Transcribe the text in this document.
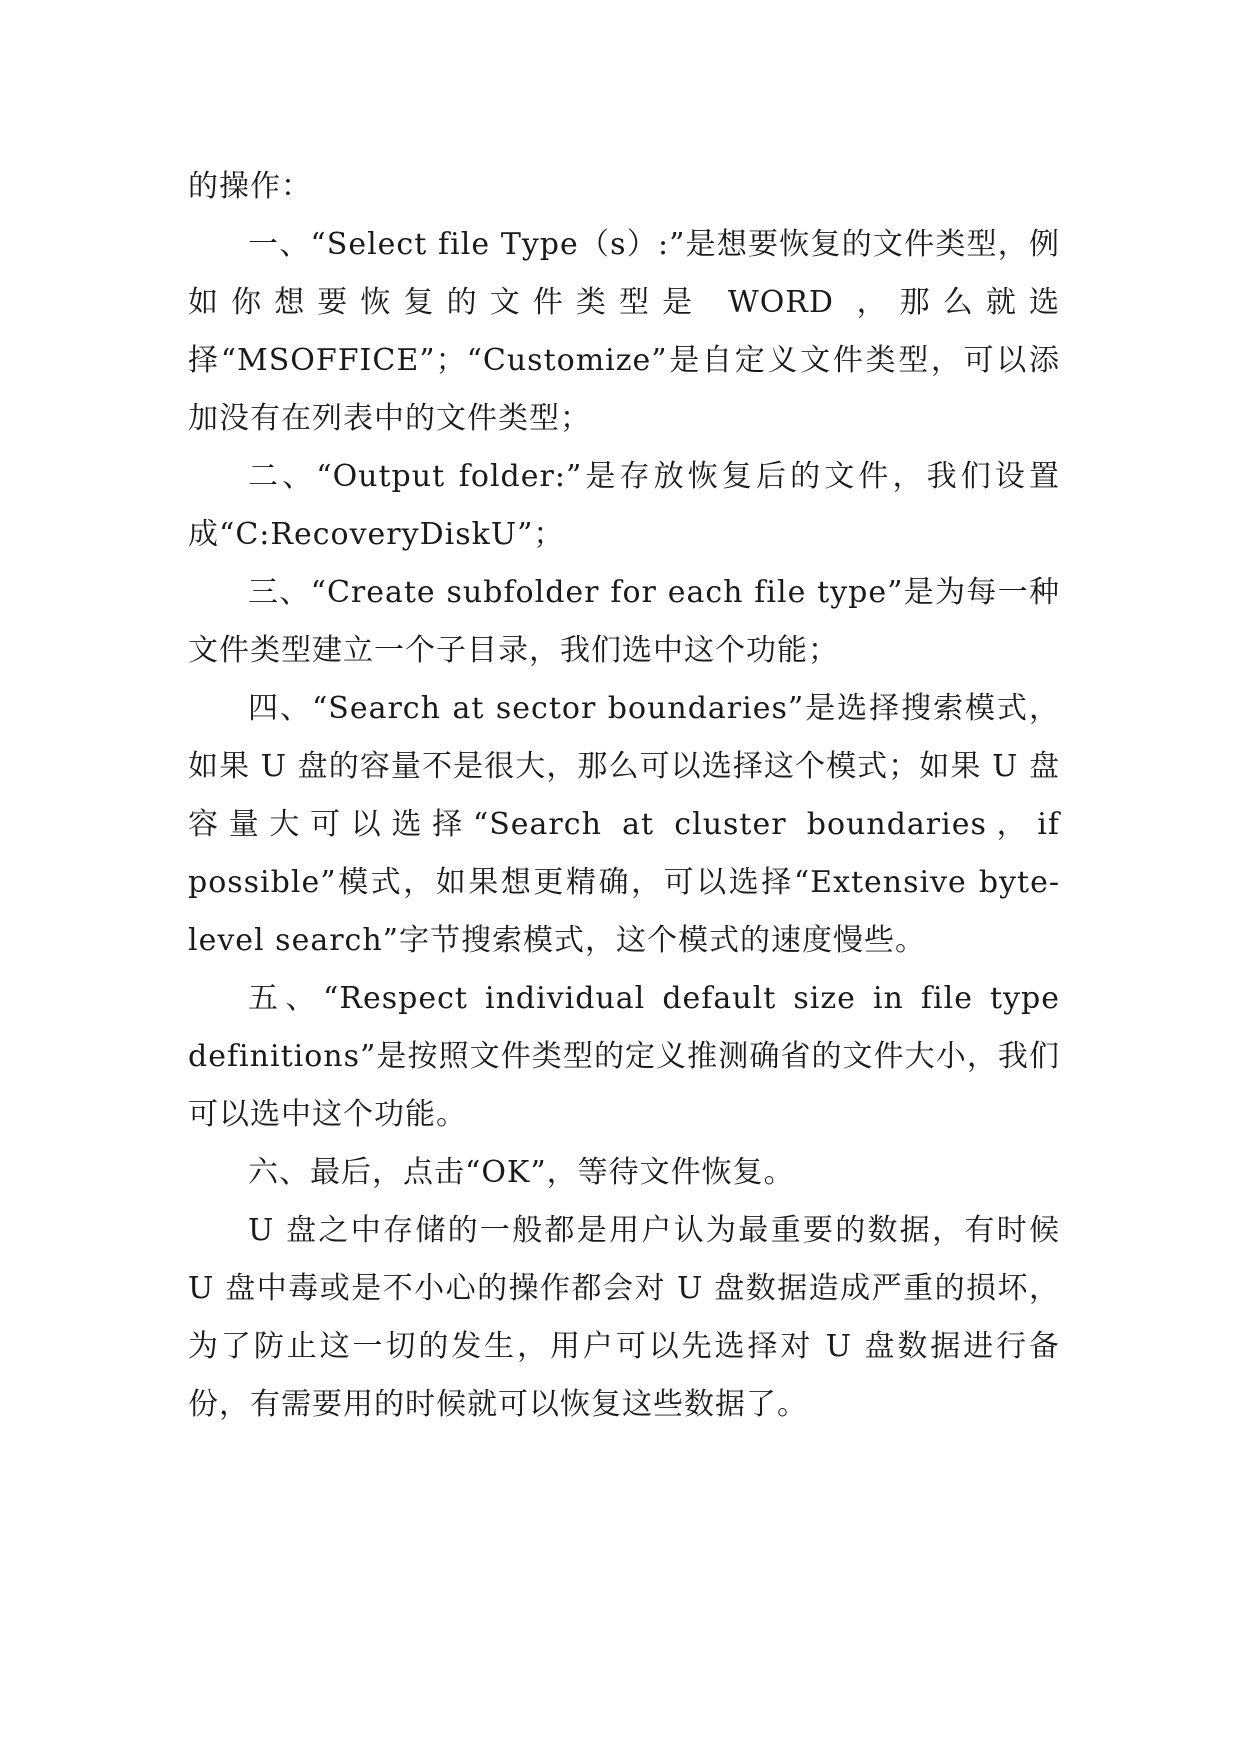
的操作：

一、“Select file Type（s）:”是想要恢复的文件类型，例如你想要恢复的文件类型是 WORD ，那么就选择“MSOFFICE”；“Customize”是自定义文件类型，可以添加没有在列表中的文件类型；

二、“Output folder:”是存放恢复后的文件，我们设置成“C:RecoveryDiskU”；

三、“Create subfolder for each file type”是为每一种文件类型建立一个子目录，我们选中这个功能；

四、“Search at sector boundaries”是选择搜索模式，如果 U 盘的容量不是很大，那么可以选择这个模式；如果 U 盘容量大可以选择“Search at cluster boundaries，if possible”模式，如果想更精确，可以选择“Extensive byte-level search”字节搜索模式，这个模式的速度慢些。

五、“Respect individual default size in file type definitions”是按照文件类型的定义推测确省的文件大小，我们可以选中这个功能。

六、最后，点击“OK”，等待文件恢复。

U 盘之中存储的一般都是用户认为最重要的数据，有时候 U 盘中毒或是不小心的操作都会对 U 盘数据造成严重的损坏，为了防止这一切的发生，用户可以先选择对 U 盘数据进行备份，有需要用的时候就可以恢复这些数据了。
